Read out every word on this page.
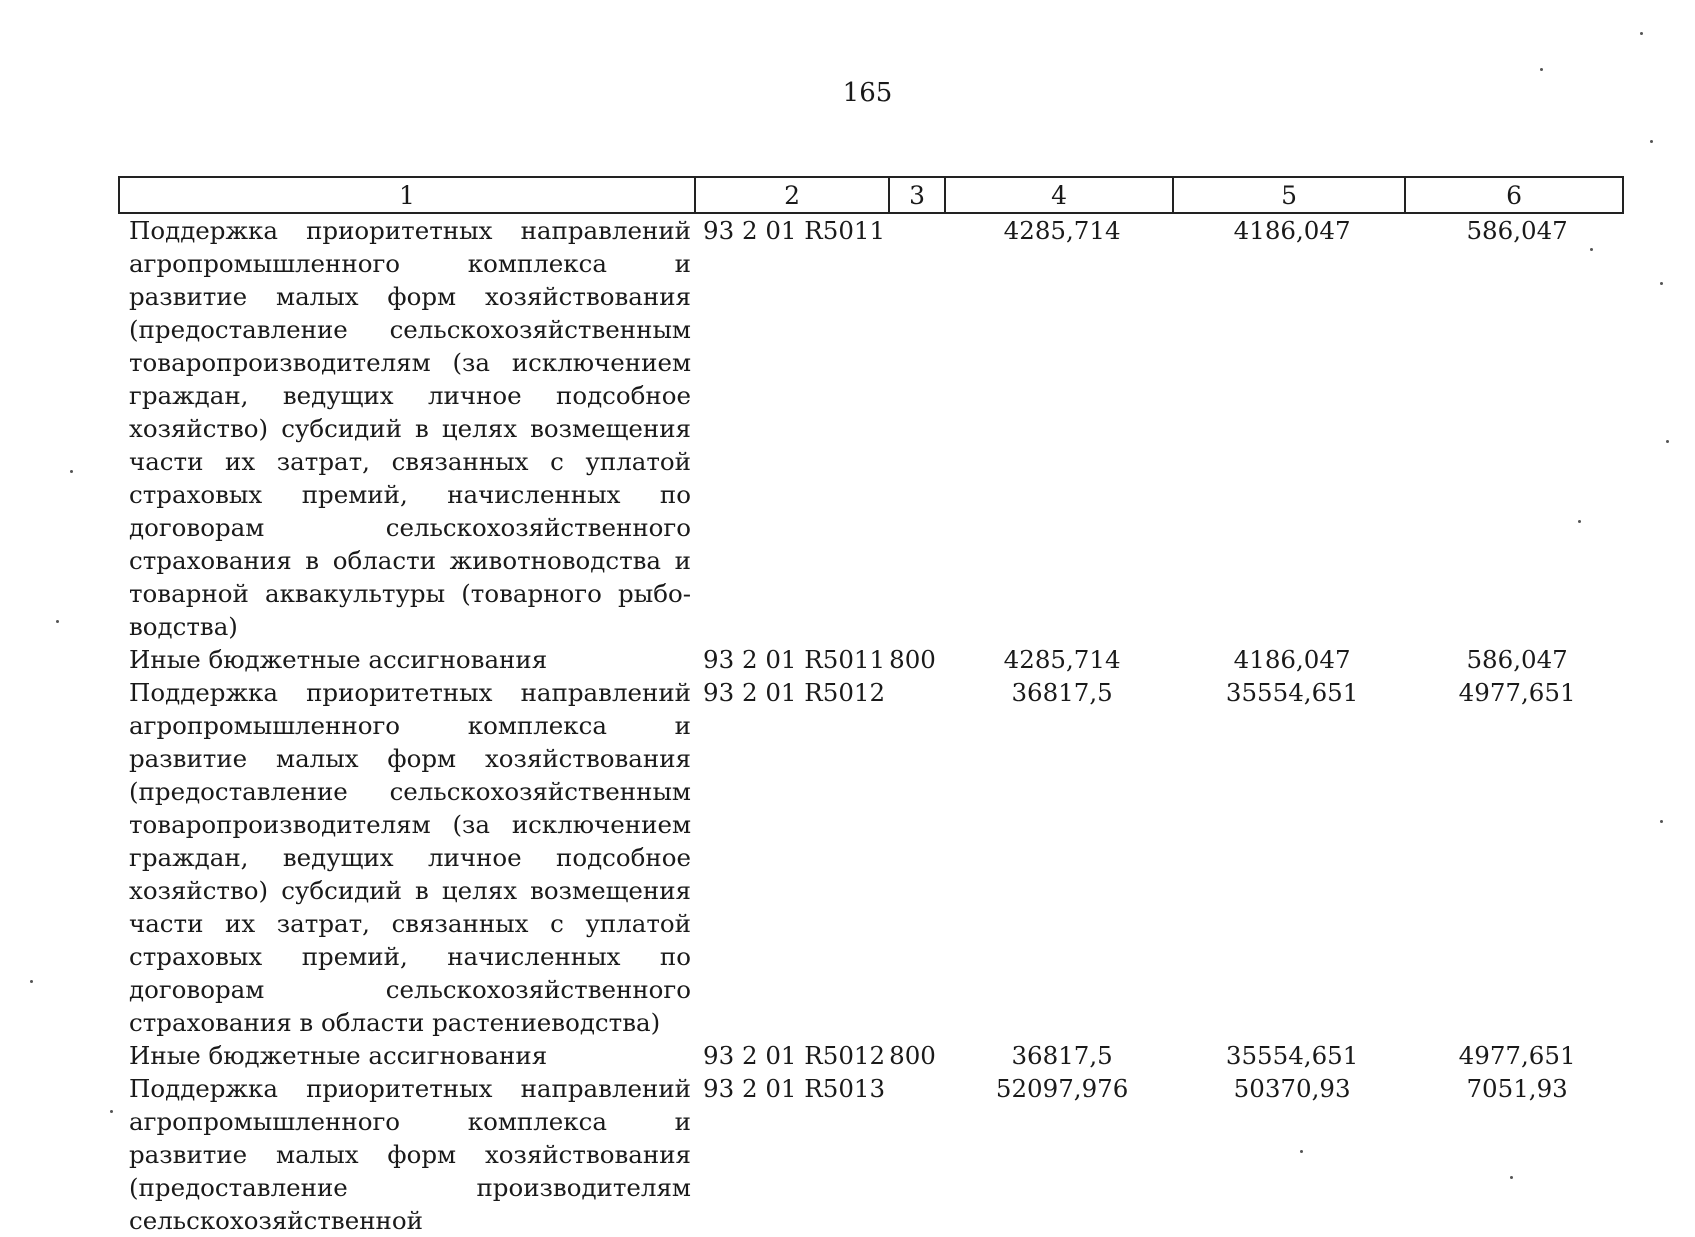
165
1	2	3	4	5	6
Поддержка приоритетных направлений агропромышленного комплекса и развитие малых форм хозяйствования (предоставление сельскохозяйственным товаропроизводителям (за исключением граждан, ведущих личное подсобное хозяйство) субсидий в целях возмещения части их затрат, связанных с уплатой страховых премий, начисленных по договорам сельскохозяйственного страхования в области животноводства и товарной аквакультуры (товарного рыбоводства)	93 2 01 R5011		4285,714	4186,047	586,047
Иные бюджетные ассигнования	93 2 01 R5011	800	4285,714	4186,047	586,047
Поддержка приоритетных направлений агропромышленного комплекса и развитие малых форм хозяйствования (предоставление сельскохозяйственным товаропроизводителям (за исключением граждан, ведущих личное подсобное хозяйство) субсидий в целях возмещения части их затрат, связанных с уплатой страховых премий, начисленных по договорам сельскохозяйственного страхования в области растениеводства)	93 2 01 R5012		36817,5	35554,651	4977,651
Иные бюджетные ассигнования	93 2 01 R5012	800	36817,5	35554,651	4977,651
Поддержка приоритетных направлений агропромышленного комплекса и развитие малых форм хозяйствования (предоставление производителям сельскохозяйственной	93 2 01 R5013		52097,976	50370,93	7051,93
